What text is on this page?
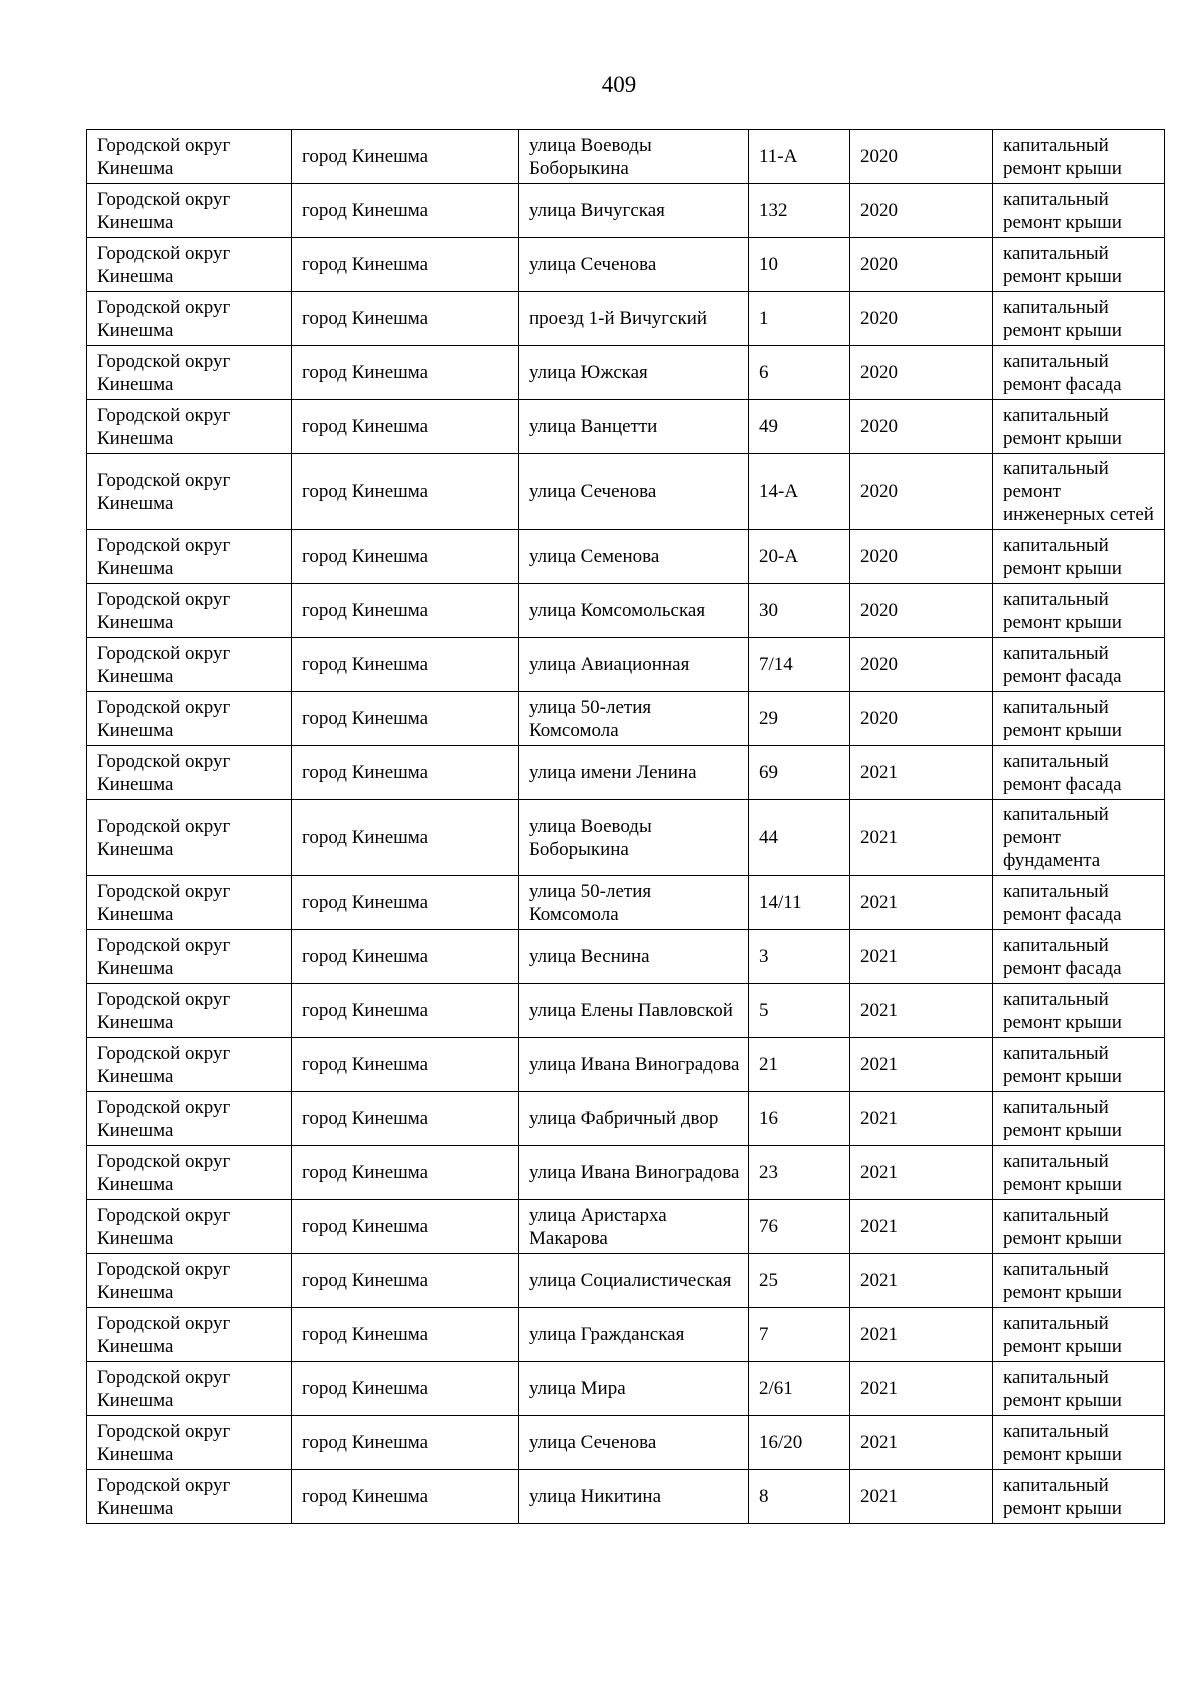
409
Городской округ Кинешма	город Кинешма	улица Воеводы Боборыкина	11-А	2020	капитальный ремонт крыши
Городской округ Кинешма	город Кинешма	улица Вичугская	132	2020	капитальный ремонт крыши
Городской округ Кинешма	город Кинешма	улица Сеченова	10	2020	капитальный ремонт крыши
Городской округ Кинешма	город Кинешма	проезд 1-й Вичугский	1	2020	капитальный ремонт крыши
Городской округ Кинешма	город Кинешма	улица Южская	6	2020	капитальный ремонт фасада
Городской округ Кинешма	город Кинешма	улица Ванцетти	49	2020	капитальный ремонт крыши
Городской округ Кинешма	город Кинешма	улица Сеченова	14-А	2020	капитальный ремонт инженерных сетей
Городской округ Кинешма	город Кинешма	улица Семенова	20-А	2020	капитальный ремонт крыши
Городской округ Кинешма	город Кинешма	улица Комсомольская	30	2020	капитальный ремонт крыши
Городской округ Кинешма	город Кинешма	улица Авиационная	7/14	2020	капитальный ремонт фасада
Городской округ Кинешма	город Кинешма	улица 50-летия Комсомола	29	2020	капитальный ремонт крыши
Городской округ Кинешма	город Кинешма	улица имени Ленина	69	2021	капитальный ремонт фасада
Городской округ Кинешма	город Кинешма	улица Воеводы Боборыкина	44	2021	капитальный ремонт фундамента
Городской округ Кинешма	город Кинешма	улица 50-летия Комсомола	14/11	2021	капитальный ремонт фасада
Городской округ Кинешма	город Кинешма	улица Веснина	3	2021	капитальный ремонт фасада
Городской округ Кинешма	город Кинешма	улица Елены Павловской	5	2021	капитальный ремонт крыши
Городской округ Кинешма	город Кинешма	улица Ивана Виноградова	21	2021	капитальный ремонт крыши
Городской округ Кинешма	город Кинешма	улица Фабричный двор	16	2021	капитальный ремонт крыши
Городской округ Кинешма	город Кинешма	улица Ивана Виноградова	23	2021	капитальный ремонт крыши
Городской округ Кинешма	город Кинешма	улица Аристарха Макарова	76	2021	капитальный ремонт крыши
Городской округ Кинешма	город Кинешма	улица Социалистическая	25	2021	капитальный ремонт крыши
Городской округ Кинешма	город Кинешма	улица Гражданская	7	2021	капитальный ремонт крыши
Городской округ Кинешма	город Кинешма	улица Мира	2/61	2021	капитальный ремонт крыши
Городской округ Кинешма	город Кинешма	улица Сеченова	16/20	2021	капитальный ремонт крыши
Городской округ Кинешма	город Кинешма	улица Никитина	8	2021	капитальный ремонт крыши
